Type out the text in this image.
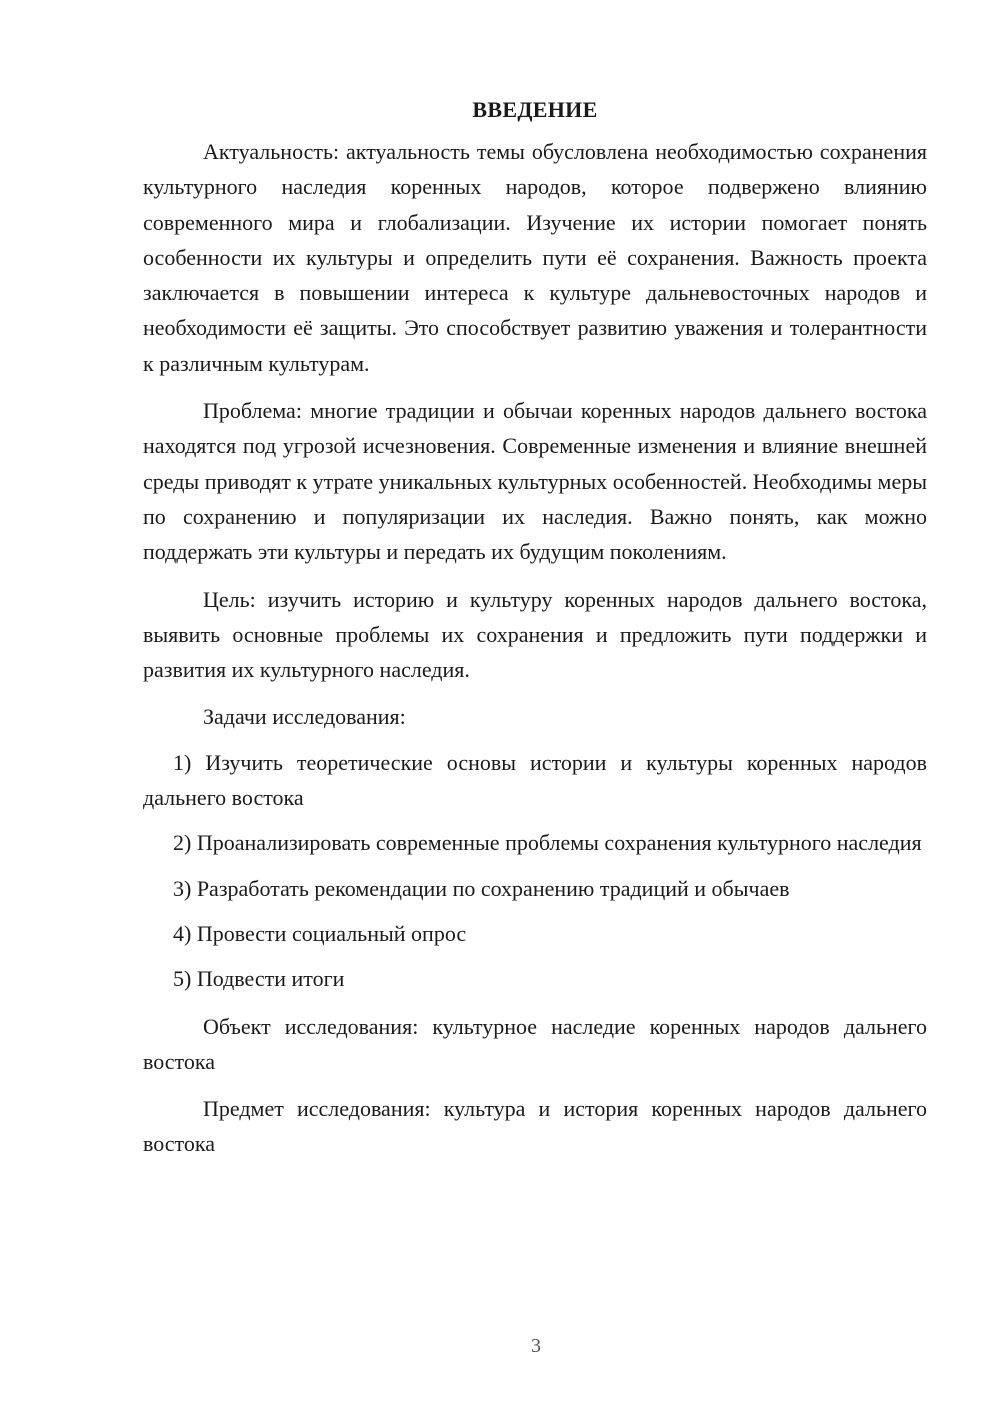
ВВЕДЕНИЕ

Актуальность: актуальность темы обусловлена необходимостью сохранения культурного наследия коренных народов, которое подвержено влиянию современного мира и глобализации. Изучение их истории помогает понять особенности их культуры и определить пути её сохранения. Важность проекта заключается в повышении интереса к культуре дальневосточных народов и необходимости её защиты. Это способствует развитию уважения и толерантности к различным культурам.

Проблема: многие традиции и обычаи коренных народов дальнего востока находятся под угрозой исчезновения. Современные изменения и влияние внешней среды приводят к утрате уникальных культурных особенностей. Необходимы меры по сохранению и популяризации их наследия. Важно понять, как можно поддержать эти культуры и передать их будущим поколениям.

Цель: изучить историю и культуру коренных народов дальнего востока, выявить основные проблемы их сохранения и предложить пути поддержки и развития их культурного наследия.

Задачи исследования:

1) Изучить теоретические основы истории и культуры коренных народов дальнего востока

2) Проанализировать современные проблемы сохранения культурного наследия

3) Разработать рекомендации по сохранению традиций и обычаев

4) Провести социальный опрос

5) Подвести итоги

Объект исследования: культурное наследие коренных народов дальнего востока

Предмет исследования: культура и история коренных народов дальнего востока

3
